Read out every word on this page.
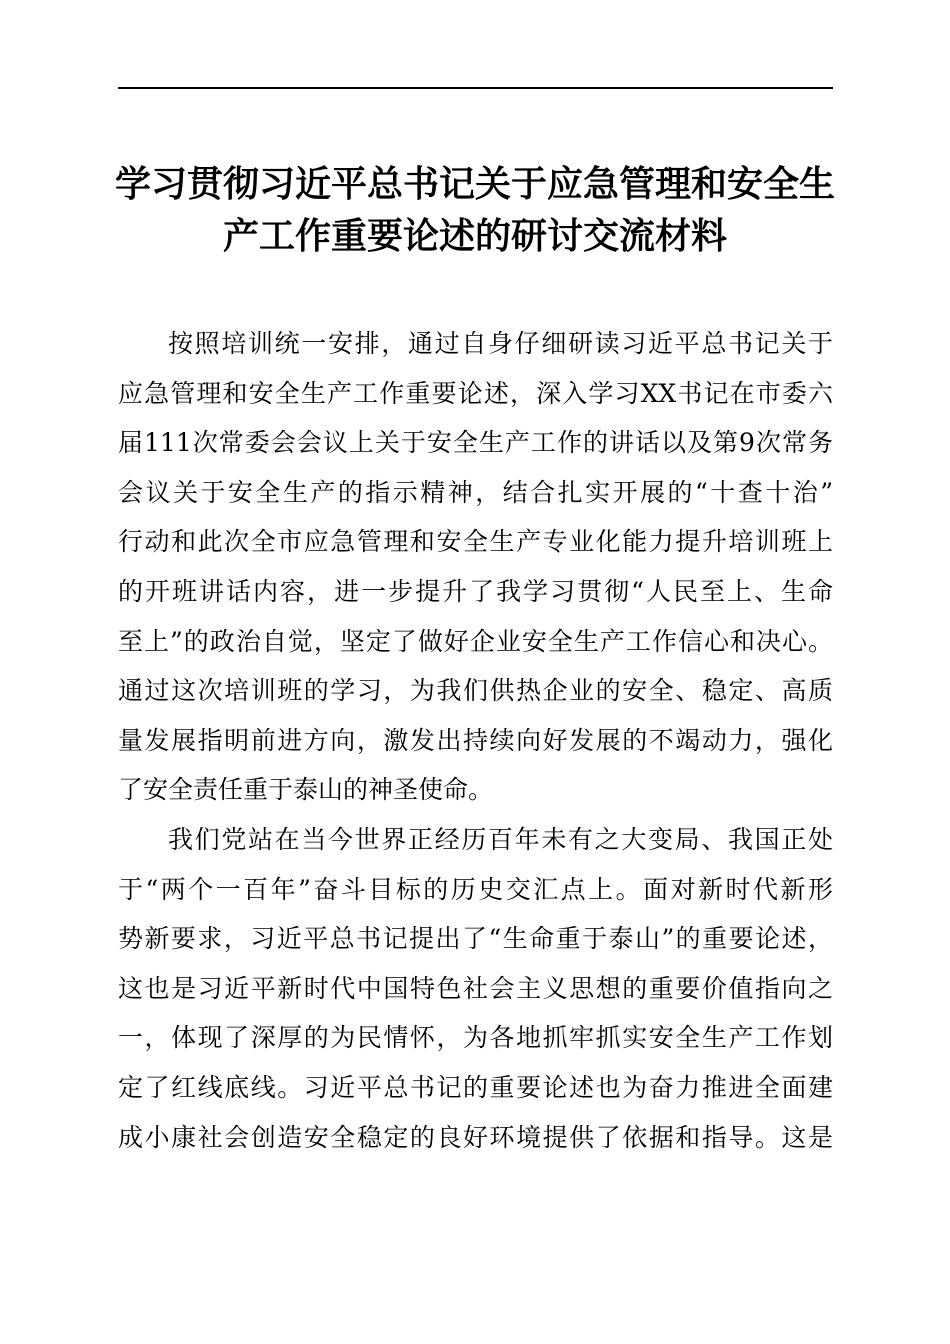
学习贯彻习近平总书记关于应急管理和安全生
产工作重要论述的研讨交流材料
按照培训统一安排，通过自身仔细研读习近平总书记关于
应急管理和安全生产工作重要论述，深入学习XX书记在市委六
届111次常委会会议上关于安全生产工作的讲话以及第9次常务
会议关于安全生产的指示精神，结合扎实开展的“十查十治”
行动和此次全市应急管理和安全生产专业化能力提升培训班上
的开班讲话内容，进一步提升了我学习贯彻“人民至上、生命
至上”的政治自觉，坚定了做好企业安全生产工作信心和决心。
通过这次培训班的学习，为我们供热企业的安全、稳定、高质
量发展指明前进方向，激发出持续向好发展的不竭动力，强化
了安全责任重于泰山的神圣使命。
我们党站在当今世界正经历百年未有之大变局、我国正处
于“两个一百年”奋斗目标的历史交汇点上。面对新时代新形
势新要求，习近平总书记提出了“生命重于泰山”的重要论述，
这也是习近平新时代中国特色社会主义思想的重要价值指向之
一，体现了深厚的为民情怀，为各地抓牢抓实安全生产工作划
定了红线底线。习近平总书记的重要论述也为奋力推进全面建
成小康社会创造安全稳定的良好环境提供了依据和指导。这是
